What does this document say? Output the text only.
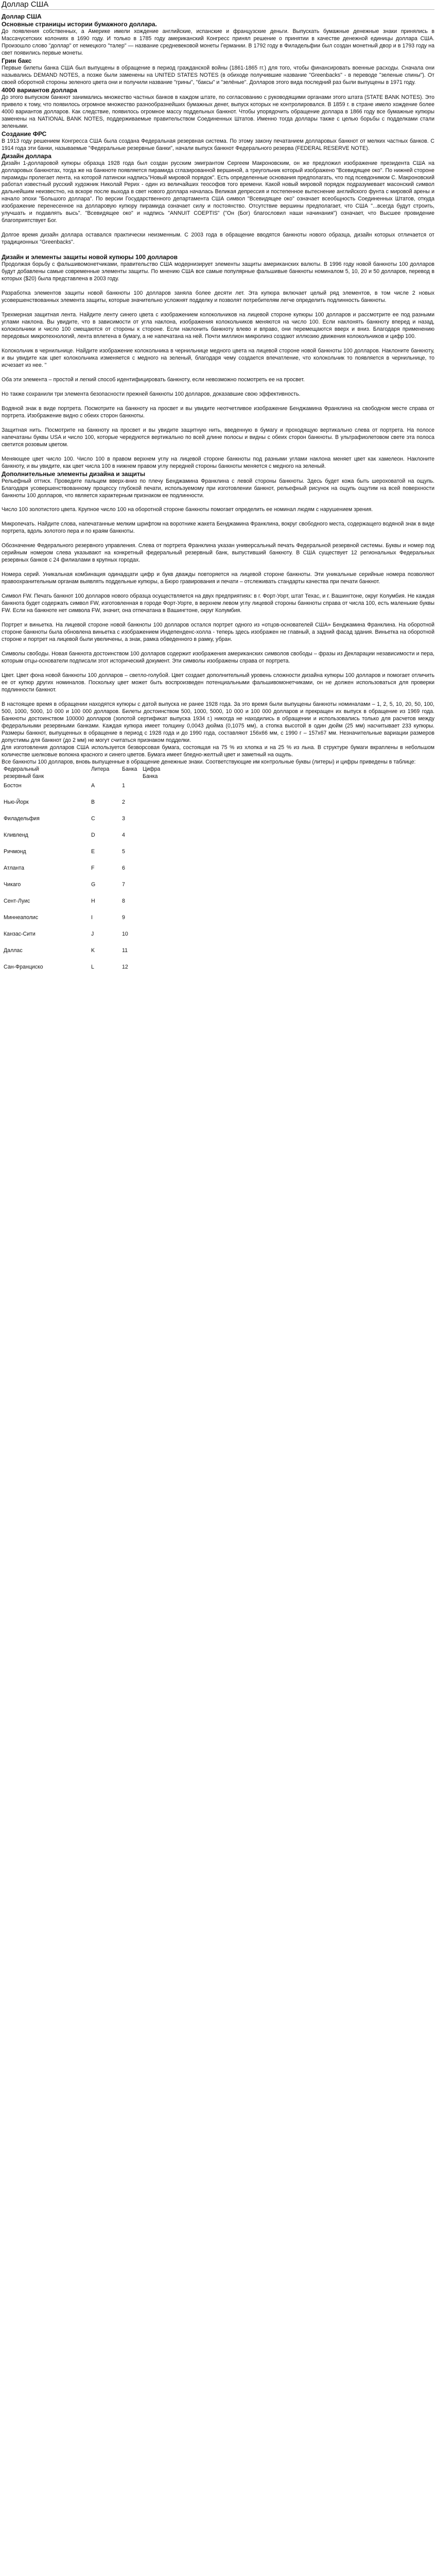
Доллар США
Доллар США
Основные страницы истории бумажного доллара.

До появления собственных, а Америке имели хождение английские, испанские и французские деньги. Выпускать бумажные денежные знаки принялись в Массачусетских колониях в 1690 году. И только в 1785 году американский Конгресс принял решение о принятии в качестве денежной единицы доллара США. Произошло слово "доллар" от немецкого "талер" — название средневековой монеты Германии. В 1792 году в Филадельфии был создан монетный двор и в 1793 году на свет появились первые монеты.

Грин бакс

Первые билеты банка США был выпущены в обращение в период гражданской войны (1861-1865 гг.) для того, чтобы финансировать военные расходы. Сначала они назывались DEMAND NOTES, а позже были заменены на UNITED STATES NOTES (в обиходе получившие название "Greenbacks" - в переводе "зеленые спины"). От своей оборотной стороны зеленого цвета они и получили название "грины", "баксы" и "зелёные". Долларов этого вида последний раз были выпущены в 1971 году.

4000 вариантов доллара

До этого выпуском банкнот занимались множество частных банков в каждом штате, по согласованию с руководящими органами этого штата (STATE BANK NOTES). Это привело к тому, что появилось огромное множество разнообразнейших бумажных денег, выпуск которых не контролировался. В 1859 г. в стране имело хождение более 4000 вариантов долларов. Как следствие, появилось огромное массу поддельных банкнот. Чтобы упорядочить обращение доллара в 1866 году все бумажные купюры заменены на NATIONAL BANK NOTES, поддерживаемые правительством Соединенных Штатов. Именно тогда доллары также с целью борьбы с подделками стали зелеными.

Создание ФРС

В 1913 году решением Конгресса США была создана Федеральная резервная система. По этому закону печатанием долларовых банкнот от мелких частных банков. С 1914 года эти банки, называемые "Федеральные резервные банки", начали выпуск банкнот Федерального резерва (FEDERAL RESERVE NOTE).

Дизайн доллара

Дизайн 1-долларовой купюры образца 1928 года был создан русским эмигрантом Сергеем Макроновским, он же предложил изображение президента США на долларовых банкнотах, тогда же на банкноте появляется пирамида cглазированной вершиной, а треугольник который изображено "Всевидящее око". По нижней стороне пирамиды пролегает лента, на которой латински надпись"Новый мировой порядок". Есть определенные основания предполагать, что под псевдонимом С. Макроновский работал известный русский художник Николай Рерих - один из величайших теософов того времени. Какой новый мировой порядок подразумевает масонский символ дальнейшим неизвестно, на вскоре после выхода в свет нового доллара началась Великая депрессия и постепенное вытеснение английского фунта с мировой арены и начало эпохи "Большого доллара". По версии Государственного департамента США символ "Всевидящее око" означает всеобщность Соединенных Штатов, откуда изображение перенесенное на долларовую купюру пирамида означает силу и постоянство. Отсутствие вершины предполагает, что США "...всегда будут строить, улучшать и подавлять высь". "Всевидящее око" и надпись "ANNUIT COEPTIS" ("Он (Бог) благословил наши начинания") означает, что Высшее провидение благоприятствует Бог.

Долгое время дизайн доллара оставался практически неизменным. С 2003 года в обращение вводятся банкноты нового образца, дизайн которых отличается от традиционных "Greenbacks".

Дизайн и элементы защиты новой купюры 100 долларов

Продолжая борьбу с фальшивомонетчиками, правительство США модернизирует элементы защиты американских валюты. В 1996 году новой банкноты 100 долларов будут добавлены самые современные элементы защиты. По мнению США все самые популярные фальшивые банкноты номиналом 5, 10, 20 и 50 долларов, перевод в которых ($20) была представлена в 2003 году.

Разработка элементов защиты новой банкноты 100 долларов заняла более десяти лет. Эта купюра включает целый ряд элементов, в том числе 2 новых усовершенствованных элемента защиты, которые значительно усложнят подделку и позволят потребителям легче определить подлинность банкноты.

Трехмерная защитная лента. Найдите ленту синего цвета с изображением колокольчиков на лицевой стороне купюры 100 долларов и рассмотрите ее под разными углами наклона. Вы увидите, что в зависимости от угла наклона, изображения колокольчиков меняются на число 100. Если наклонять банкноту вперед и назад, колокольчики и число 100 смещаются от стороны к стороне. Если наклонить банкноту влево и вправо, они перемещаются вверх и вниз. Благодаря применению передовых микротехнологий, лента вплетена в бумагу, а не напечатана на ней. Почти миллион микролинз создают иллюзию движения колокольчиков и цифр 100.

Колокольчик в чернильнице. Найдите изображение колокольчика в чернильнице медного цвета на лицевой стороне новой банкноты 100 долларов. Наклоните банкноту, и вы увидите как цвет колокольчика изменяется с медного на зеленый, благодаря чему создается впечатление, что колокольчик то появляется в чернильнице, то исчезает из нее. "

Оба эти элемента – простой и легкий способ идентифицировать банкноту, если невозможно посмотреть ее на просвет.

Но также сохранили три элемента безопасности прежней банкноты 100 долларов, доказавшие свою эффективность.

Водяной знак в виде портрета. Посмотрите на банкноту на просвет и вы увидите неотчетливое изображение Бенджамина Франклина на свободном месте справа от портрета. Изображение видно с обеих сторон банкноты.

Защитная нить. Посмотрите на банкноту на просвет и вы увидите защитную нить, введенную в бумагу и проходящую вертикально слева от портрета. На полосе напечатаны буквы USA и число 100, которые чередуются вертикально по всей длине полосы и видны с обеих сторон банкноты. В ультрафиолетовом свете эта полоса светится розовым цветом.

Меняющее цвет число 100. Число 100 в правом верхнем углу на лицевой стороне банкноты под разными углами наклона меняет цвет как хамелеон. Наклоните банкноту, и вы увидите, как цвет числа 100 в нижнем правом углу передней стороны банкноты меняется с медного на зеленый.

Дополнительные элементы дизайна и защиты

Рельефный оттиск. Проведите пальцем вверх-вниз по плечу Бенджамина Франклина с левой стороны банкноты. Здесь будет кожа быть шероховатой на ощупь. Благодаря усовершенствованному процессу глубокой печати, используемому при изготовлении банкнот, рельефный рисунок на ощупь ощутим на всей поверхности банкноты 100 долларов, что является характерным признаком ее подлинности.

Число 100 золотистого цвета. Крупное число 100 на оборотной стороне банкноты помогает определить ее номинал людям с нарушением зрения.

Микропечать. Найдите слова, напечатанные мелким шрифтом на воротнике жакета Бенджамина Франклина, вокруг свободного места, содержащего водяной знак в виде портрета, вдоль золотого пера и по краям банкноты.

Обозначение Федерального резервного управления. Слева от портрета Франклина указан универсальный печать Федеральной резервной системы. Буквы и номер под серийным номером слева указывают на конкретный федеральный резервный банк, выпустивший банкноту. В США существует 12 региональных Федеральных резервных банков с 24 филиалами в крупных городах.

Номера серий. Уникальная комбинация одинадцати цифр и букв дважды повторяется на лицевой стороне банкноты. Эти уникальные серийные номера позволяют правоохранительным органам выявлять поддельные купюры, а Бюро гравирования и печати – отслеживать стандарты качества при печати банкнот.

Символ FW. Печать банкнот 100 долларов нового образца осуществляется на двух предприятиях: в г. Форт-Уорт, штат Техас, и г. Вашингтоне, округ Колумбия. Не каждая банкнота будет содержать символ FW, изготовленная в городе Форт-Уорте, в верхнем левом углу лицевой стороны банкноты справа от числа 100, есть маленькие буквы FW. Если на банкноте нет символа FW, значит, она отпечатана в Вашингтоне, округ Колумбия.

Портрет и виньетка. На лицевой стороне новой банкноты 100 долларов остался портрет одного из «отцов-основателей США» Бенджамина Франклина. На оборотной стороне банкноты была обновлена виньетка с изображением Индепенденс-холла - теперь здесь изображен не главный, а задний фасад здания. Виньетка на оборотной стороне и портрет на лицевой были увеличены, а знак, рамка обведенного в рамку, убран.

Символы свободы. Новая банкнота достоинством 100 долларов содержит изображения американских символов свободы – фразы из Декларации независимости и пера, которым отцы-основатели подписали этот исторический документ. Эти символы изображены справа от портрета.

Цвет. Цвет фона новой банкноты 100 долларов – светло-голубой. Цвет создает дополнительный уровень сложности дизайна купюры 100 долларов и помогает отличить ее от купюр других номиналов. Поскольку цвет может быть воспроизведен потенциальными фальшивомонетчиками, он не должен использоваться для проверки подлинности банкнот.

В настоящее время в обращении находятся купюры с датой выпуска не ранее 1928 года. За это время были выпущены банкноты номиналами – 1, 2, 5, 10, 20, 50, 100, 500, 1000, 5000, 10 000 и 100 000 долларов. Билеты достоинством 500, 1000, 5000, 10 000 и 100 000 долларов и прекращен их выпуск в обращение из 1969 года. Банкноты достоинством 100000 долларов (золотой сертификат выпуска 1934 г.) никогда не находились в обращении и использовались только для расчетов между федеральными резервными банками. Каждая купюра имеет толщину 0,0043 дюйма (0,1075 мм), а стопка высотой в один дюйм (25 мм) насчитывает 233 купюры. Размеры банкнот, выпущенных в обращение в период с 1928 года и до 1990 года, составляют 156х66 мм, с 1990 г – 157х67 мм. Незначительные вариации размеров допустимы для банкнот (до 2 мм) не могут считаться признаком подделки.

Для изготовления долларов США используется безворсовая бумага, состоящая на 75 % из хлопка и на 25 % из льна. В структуре бумаги вкраплены в небольшом количестве шелковые волокна красного и синего цветов. Бумага имеет бледно-желтый цвет и заметный на ощупь.

Все банкноты 100 долларов, вновь выпущенные в обращение денежные знаки. Соответствующие им контрольные буквы (литеры) и цифры приведены в таблице:

Федеральный	Литера	Банка	Цифра
резервный банк			Банка
Бостон	A	1	
Нью-Йорк	B	2	
Филадельфия	C	3	
Кливленд	D	4	
Ричмонд	E	5	
Атланта	F	6	
Чикаго	G	7	
Сент-Луис	H	8	
Миннеаполис	I	9	
Канзас-Сити	J	10	
Даллас	K	11	
Сан-Франциско	L	12	
